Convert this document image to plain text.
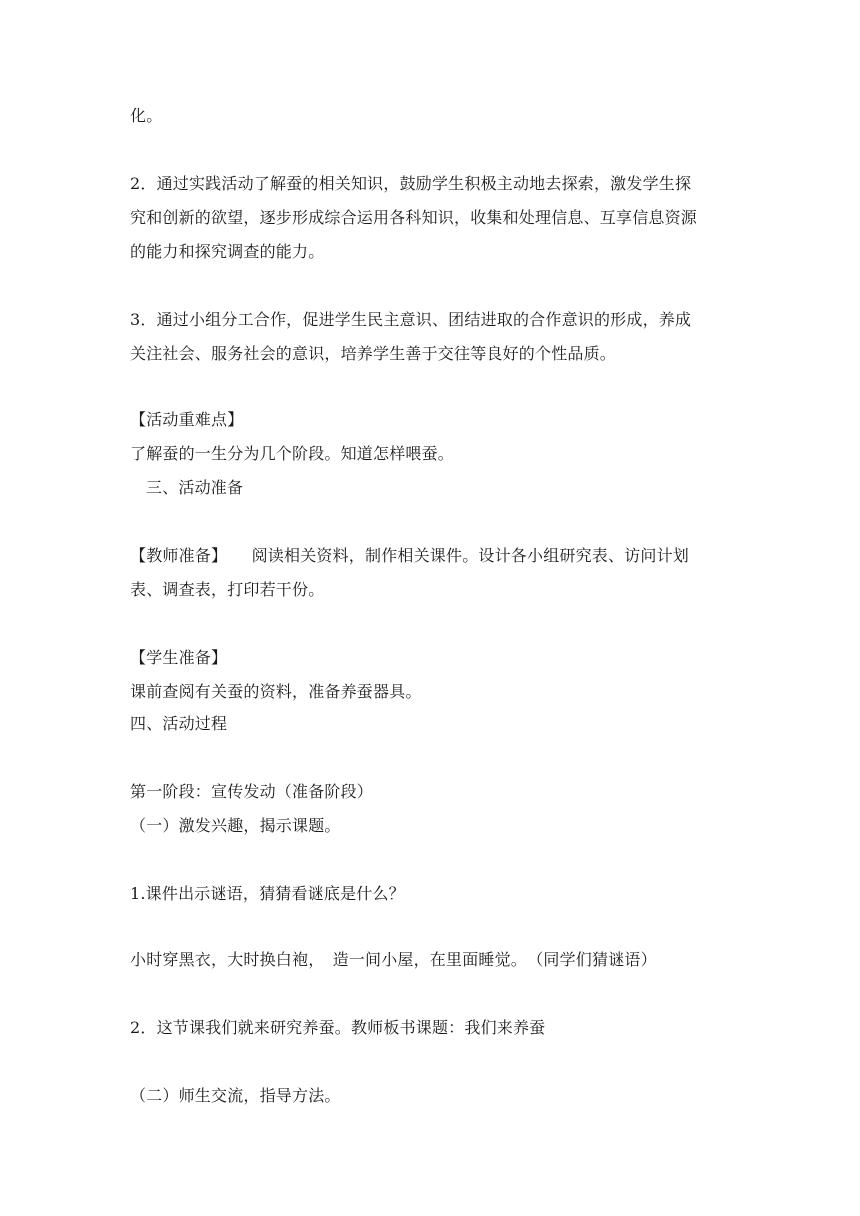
化。
2．通过实践活动了解蚕的相关知识，鼓励学生积极主动地去探索，激发学生探
究和创新的欲望，逐步形成综合运用各科知识，收集和处理信息、互享信息资源
的能力和探究调查的能力。
3．通过小组分工合作，促进学生民主意识、团结进取的合作意识的形成，养成
关注社会、服务社会的意识，培养学生善于交往等良好的个性品质。
【活动重难点】
了解蚕的一生分为几个阶段。知道怎样喂蚕。
三、活动准备
【教师准备】　　阅读相关资料，制作相关课件。设计各小组研究表、访问计划
表、调查表，打印若干份。
【学生准备】
课前查阅有关蚕的资料，准备养蚕器具。
四、活动过程
第一阶段：宣传发动（准备阶段）
（一）激发兴趣，揭示课题。
1.课件出示谜语，猜猜看谜底是什么？
小时穿黑衣，大时换白袍，　造一间小屋，在里面睡觉。　（同学们猜谜语）
2．这节课我们就来研究养蚕。教师板书课题：我们来养蚕
（二）师生交流，指导方法。
